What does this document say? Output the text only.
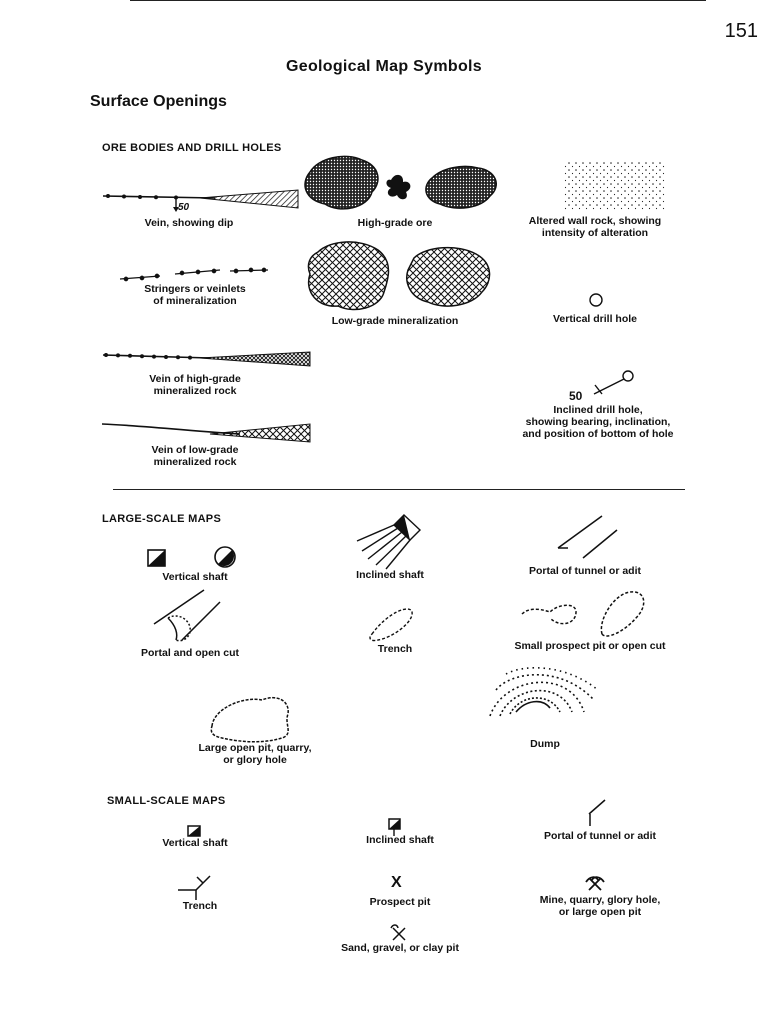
151
Geological Map Symbols
Surface Openings
ORE BODIES AND DRILL HOLES
50
Vein, showing dip	High-grade ore	Altered wall rock, showing
intensity of alteration
Stringers or veinlets
of mineralization
Low-grade mineralization	Vertical drill hole
Vein of high-grade
mineralized rock	50
Inclined drill hole,
showing bearing, inclination,
and position of bottom of hole
Vein of low-grade
mineralized rock
LARGE-SCALE MAPS
Vertical shaft	Inclined shaft	Portal of tunnel or adit
Portal and open cut	Trench	Small prospect pit or open cut
Large open pit, quarry,
or glory hole
Dump
SMALL-SCALE MAPS
Vertical shaft	Inclined shaft	Portal of tunnel or adit
Trench	Prospect pit	Mine, quarry, glory hole,
or large open pit
Sand, gravel, or clay pit
X
